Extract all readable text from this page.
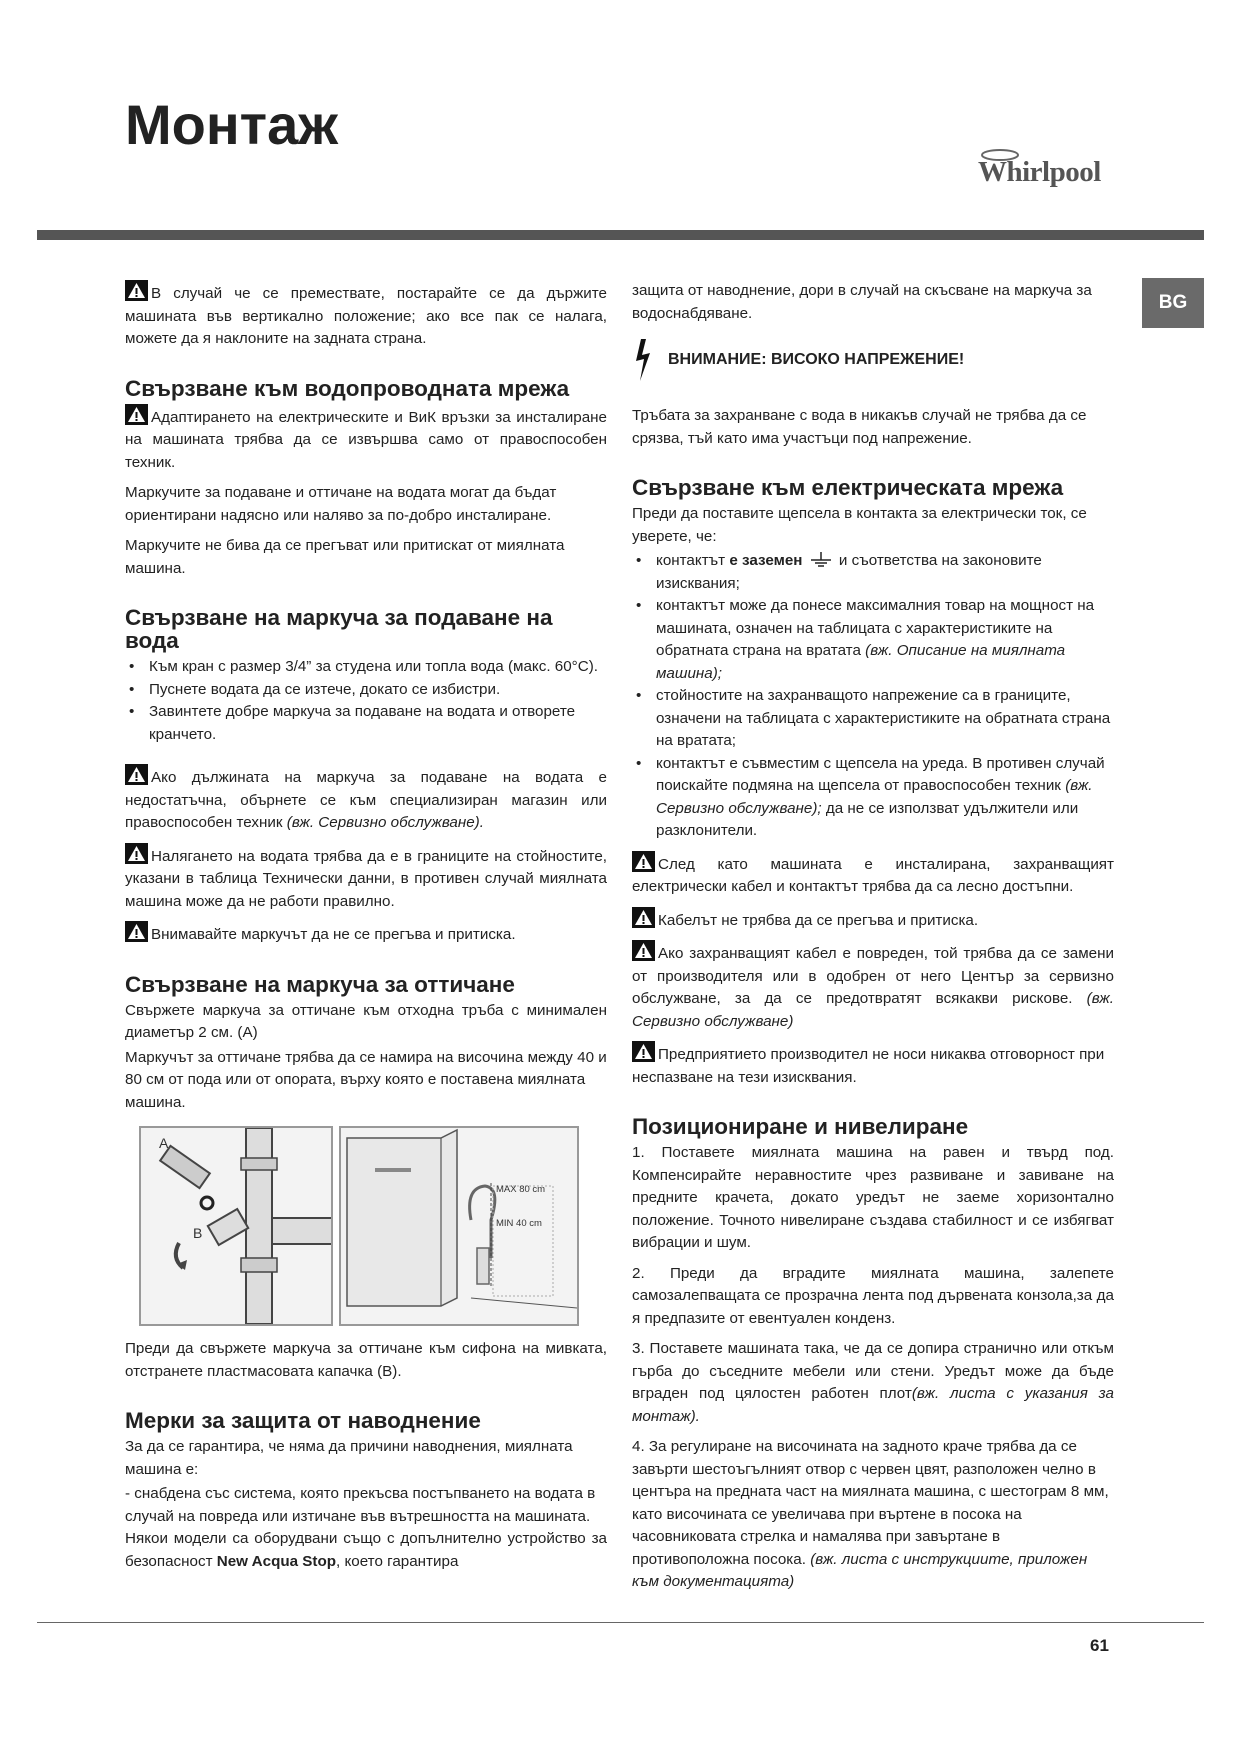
Монтаж
Whirlpool
BG

В случай че се премествате, постарайте се да държите машината във вертикално положение; ако все пак се налага, можете да я наклоните на задната страна.

Свързване към водопроводната мрежа

Адаптирането на електрическите и ВиК връзки за инсталиране на машината трябва да се извършва само от правоспособен техник.

Маркучите за подаване и оттичане на водата могат да бъдат ориентирани надясно или наляво за по-добро инсталиране.

Маркучите не бива да се прегъват или притискат от миялната машина.

Свързване на маркуча за подаване на вода
• Към кран с размер 3/4” за студена или топла вода (макс. 60°C).
• Пуснете водата да се изтече, докато се избистри.
• Завинтете добре маркуча за подаване на водата и отворете кранчето.

Ако дължината на маркуча за подаване на водата е недостатъчна, обърнете се към специализиран магазин или правоспособен техник (вж. Сервизно обслужване).

Налягането на водата трябва да е в границите на стойностите, указани в таблица Технически данни, в противен случай миялната машина може да не работи правилно.

Внимавайте маркучът да не се прегъва и притиска.

Свързване на маркуча за оттичане

Свържете маркуча за оттичане към отходна тръба с минимален диаметър 2 см. (A)

Маркучът за оттичане трябва да се намира на височина между 40 и 80 см от пода или от опората, върху която е поставена миялната машина.

A
B
MAX 80 cm
MIN 40 cm

Преди да свържете маркуча за оттичане към сифона на мивката, отстранете пластмасовата капачка (B).

Мерки за защита от наводнение

За да се гарантира, че няма да причини наводнения, миялната машина е:

- снабдена със система, която прекъсва постъпването на водата в случай на повреда или изтичане във вътрешността на машината.

Някои модели са оборудвани също с допълнително устройство за безопасност New Acqua Stop, което гарантира

защита от наводнение, дори в случай на скъсване на маркуча за водоснабдяване.

ВНИМАНИЕ: ВИСОКО НАПРЕЖЕНИЕ!

Тръбата за захранване с вода в никакъв случай не трябва да се срязва, тъй като има участъци под напрежение.

Свързване към електрическата мрежа

Преди да поставите щепсела в контакта за електрически ток, се уверете, че:

• контактът е заземен и съответства на законовите изисквания;
• контактът може да понесе максималния товар на мощност на машината, означен на таблицата с характеристиките на обратната страна на вратата (вж. Описание на миялната машина);
• стойностите на захранващото напрежение са в границите, означени на таблицата с характеристиките на обратната страна на вратата;
• контактът е съвместим с щепсела на уреда. В противен случай поискайте подмяна на щепсела от правоспособен техник (вж. Сервизно обслужване); да не се използват удължители или разклонители.

След като машината е инсталирана, захранващият електрически кабел и контактът трябва да са лесно достъпни.

Кабелът не трябва да се прегъва и притиска.

Ако захранващият кабел е повреден, той трябва да се замени от производителя или в одобрен от него Център за сервизно обслужване, за да се предотвратят всякакви рискове. (вж. Сервизно обслужване)

Предприятието производител не носи никаква отговорност при неспазване на тези изисквания.

Позициониране и нивелиране

1. Поставете миялната машина на равен и твърд под. Компенсирайте неравностите чрез развиване и завиване на предните крачета, докато уредът не заеме хоризонтално положение. Точното нивелиране създава стабилност и се избягват вибрации и шум.

2. Преди да вградите миялната машина, залепете самозалепващата се прозрачна лента под дървената конзола,за да я предпазите от евентуален конденз.

3. Поставете машината така, че да се допира странично или откъм гърба до съседните мебели или стени. Уредът може да бъде вграден под цялостен работен плот(вж. листа с указания за монтаж).

4. За регулиране на височината на задното краче трябва да се завърти шестоъгълният отвор с червен цвят, разположен челно в центъра на предната част на миялната машина, с шестограм 8 мм, като височината се увеличава при въртене в посока на часовниковата стрелка и намалява при завъртане в противоположна посока. (вж. листа с инструкциите, приложен към документацията)

61
